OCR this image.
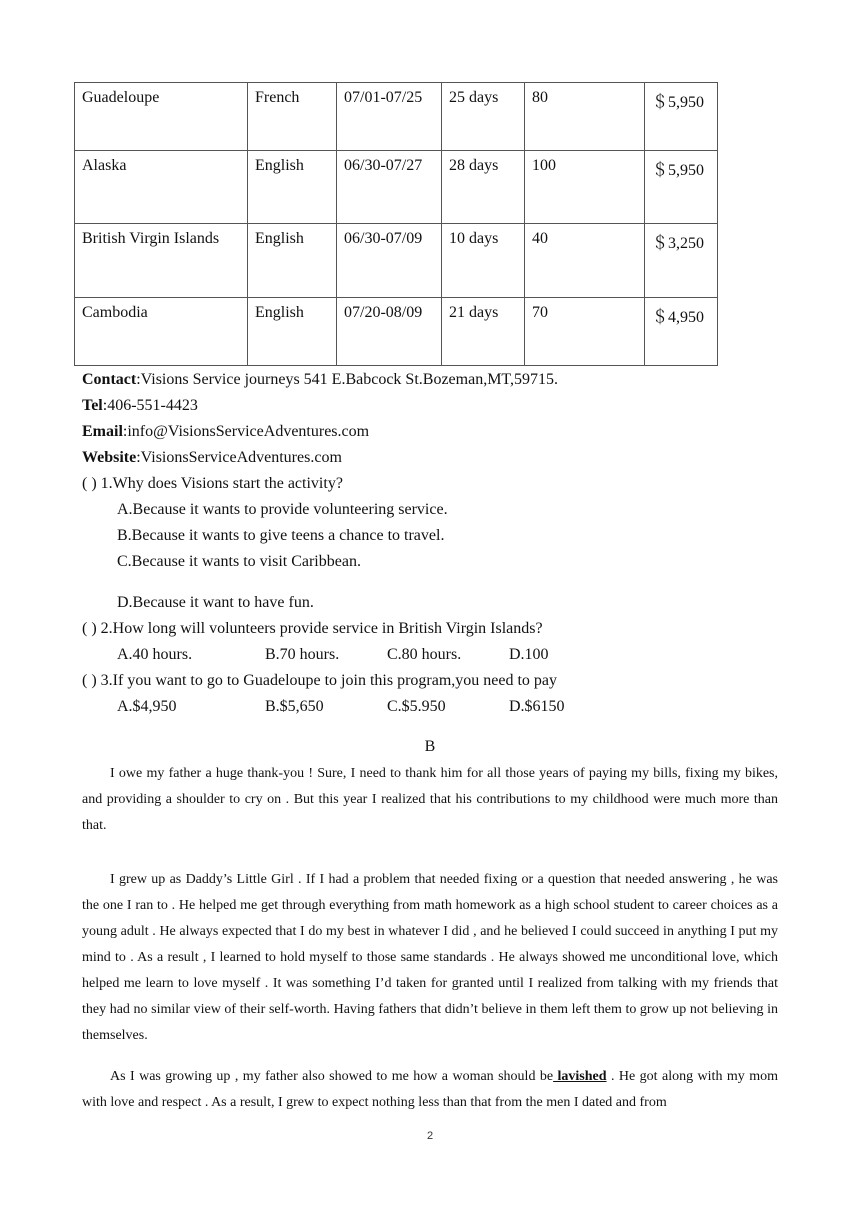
Guadeloupe	French	07/01-07/25	25 days	80	＄5,950
Alaska	English	06/30-07/27	28 days	100	＄5,950
British Virgin Islands	English	06/30-07/09	10 days	40	＄3,250
Cambodia	English	07/20-08/09	21 days	70	＄4,950
Contact:Visions Service journeys 541 E.Babcock St.Bozeman,MT,59715.
Tel:406-551-4423
Email:info@VisionsServiceAdventures.com
Website:VisionsServiceAdventures.com
( ) 1.Why does Visions start the activity?
A.Because it wants to provide volunteering service.
B.Because it wants to give teens a chance to travel.
C.Because it wants to visit Caribbean.
D.Because it want to have fun.
( ) 2.How long will volunteers provide service in British Virgin Islands?
A.40 hours.	B.70 hours.	C.80 hours.	D.100
( ) 3.If you want to go to Guadeloupe to join this program,you need to pay
A.$4,950	B.$5,650	C.$5.950	D.$6150
B

I owe my father a huge thank-you ! Sure, I need to thank him for all those years of paying my bills, fixing my bikes, and providing a shoulder to cry on . But this year I realized that his contributions to my childhood were much more than that.

I grew up as Daddy’s Little Girl . If I had a problem that needed fixing or a question that needed answering , he was the one I ran to . He helped me get through everything from math homework as a high school student to career choices as a young adult . He always expected that I do my best in whatever I did , and he believed I could succeed in anything I put my mind to . As a result , I learned to hold myself to those same standards . He always showed me unconditional love, which helped me learn to love myself . It was something I’d taken for granted until I realized from talking with my friends that they had no similar view of their self-worth. Having fathers that didn’t believe in them left them to grow up not believing in themselves.

As I was growing up , my father also showed to me how a woman should be lavished . He got along with my mom with love and respect . As a result, I grew to expect nothing less than that from the men I dated and from

2
